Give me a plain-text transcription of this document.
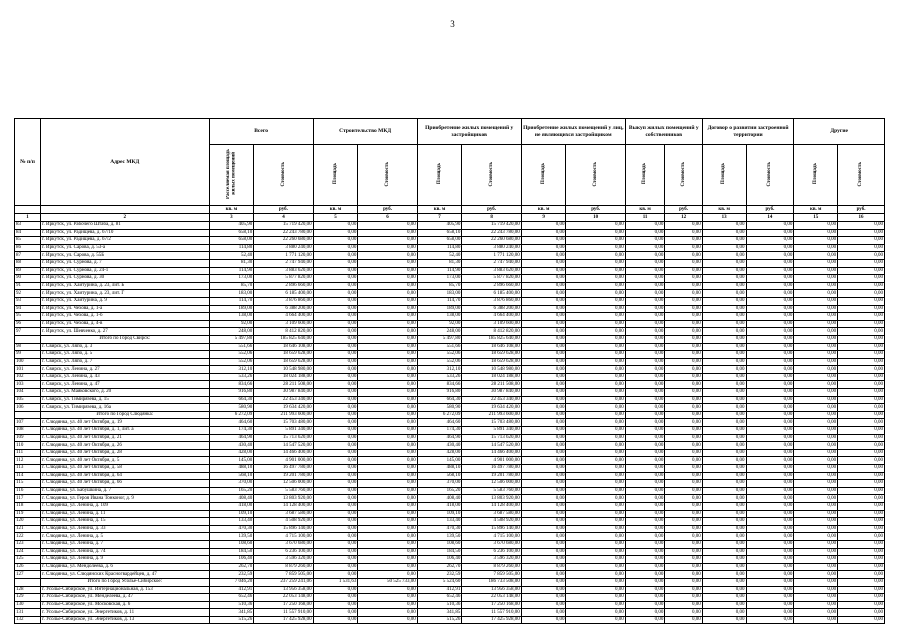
3
№ п/п	Адрес МКД	Всего		Строительство МКД		Приобретение жилых помещений у застройщиков		Приобретение жилых помещений у лиц, не являющихся застройщиком		Выкуп жилых помещений у собственников		Договор о развитии застроенной территории		Другие	
		Расселяемая площадь жилых помещений	Стоимость	Площадь	Стоимость	Площадь	Стоимость	Площадь	Стоимость	Площадь	Стоимость	Площадь	Стоимость	Площадь	Стоимость
		кв. м	руб.	кв. м	руб.	кв. м	руб.	кв. м	руб.	кв. м	руб.	кв. м	руб.	кв. м	руб.
1	2	3	4	5	6	7	8	9	10	11	12	13	14	15	16
83	г. Иркутск, ул. Рабочего Штаба, д. 81	405,90	15 719 420,00	0,00	0,00	405,90	15 719 420,00	0,00	0,00	0,00	0,00	0,00	0,00	0,00	0,00
84	г. Иркутск, ул. Радищева, д. 67/10	658,10	22 243 780,00	0,00	0,00	658,10	22 243 780,00	0,00	0,00	0,00	0,00	0,00	0,00	0,00	0,00
85	г. Иркутск, ул. Радищева, д. 67/2	658,00	22 260 680,00	0,00	0,00	658,00	22 260 680,00	0,00	0,00	0,00	0,00	0,00	0,00	0,00	0,00
86	г. Иркутск, ул. Сарова, д. 53-а	114,80	3 880 240,00	0,00	0,00	114,80	3 880 240,00	0,00	0,00	0,00	0,00	0,00	0,00	0,00	0,00
87	г. Иркутск, ул. Сарова, д. 55Б	52,40	1 771 120,00	0,00	0,00	52,40	1 771 120,00	0,00	0,00	0,00	0,00	0,00	0,00	0,00	0,00
88	г. Иркутск, ул. Сурнова, д. 7	81,30	2 747 940,00	0,00	0,00	81,30	2 747 940,00	0,00	0,00	0,00	0,00	0,00	0,00	0,00	0,00
89	г. Иркутск, ул. Сурнова, д. 24-1	114,90	3 883 620,00	0,00	0,00	114,90	3 883 620,00	0,00	0,00	0,00	0,00	0,00	0,00	0,00	0,00
90	г. Иркутск, ул. Сурнова, д. 30	173,00	5 877 820,00	0,00	0,00	173,00	5 877 820,00	0,00	0,00	0,00	0,00	0,00	0,00	0,00	0,00
91	г. Иркутск, ул. Хаитурина, д. 23, лит. Б	85,70	2 896 660,00	0,00	0,00	85,70	2 896 660,00	0,00	0,00	0,00	0,00	0,00	0,00	0,00	0,00
92	г. Иркутск, ул. Хаитурина, д. 23, лит. Г	183,00	6 185 400,00	0,00	0,00	183,00	6 185 400,00	0,00	0,00	0,00	0,00	0,00	0,00	0,00	0,00
93	г. Иркутск, ул. Хаитурина, д. 9	114,70	3 876 860,00	0,00	0,00	114,70	3 876 860,00	0,00	0,00	0,00	0,00	0,00	0,00	0,00	0,00
94	г. Иркутск, ул. Чехова, д. 1-а	189,00	6 388 200,00	0,00	0,00	189,00	6 388 200,00	0,00	0,00	0,00	0,00	0,00	0,00	0,00	0,00
95	г. Иркутск, ул. Чехова, д. 1-б	138,00	4 664 400,00	0,00	0,00	138,00	4 664 400,00	0,00	0,00	0,00	0,00	0,00	0,00	0,00	0,00
96	г. Иркутск, ул. Чехова, д. 4-в	92,00	3 109 600,00	0,00	0,00	92,00	3 109 600,00	0,00	0,00	0,00	0,00	0,00	0,00	0,00	0,00
97	г. Иркутск, ул. Шевченко, д. 27	248,00	8 412 820,00	0,00	0,00	248,00	8 412 820,00	0,00	0,00	0,00	0,00	0,00	0,00	0,00	0,00
	Итого по Город Свирск:	5 497,80	185 825 640,00	0,00	0,00	5 497,80	185 825 640,00	0,00	0,00	0,00	0,00	0,00	0,00	0,00	0,00
98	г. Свирск, ул. Ляпо, д. 3	551,66	18 646 108,00	0,00	0,00	551,66	18 646 108,00	0,00	0,00	0,00	0,00	0,00	0,00	0,00	0,00
99	г. Свирск, ул. Ляпо, д. 5	552,06	18 659 628,00	0,00	0,00	552,06	18 659 628,00	0,00	0,00	0,00	0,00	0,00	0,00	0,00	0,00
100	г. Свирск, ул. Ляпо, д. 7	552,06	18 659 628,00	0,00	0,00	552,06	18 659 628,00	0,00	0,00	0,00	0,00	0,00	0,00	0,00	0,00
101	г. Свирск, ул. Ленина, д. 27	312,10	10 548 980,00	0,00	0,00	312,10	10 548 980,00	0,00	0,00	0,00	0,00	0,00	0,00	0,00	0,00
102	г. Свирск, ул. Ленина, д. 43	533,26	18 024 188,00	0,00	0,00	533,26	18 024 188,00	0,00	0,00	0,00	0,00	0,00	0,00	0,00	0,00
103	г. Свирск, ул. Ленина, д. 47	834,66	28 211 508,00	0,00	0,00	834,66	28 211 508,00	0,00	0,00	0,00	0,00	0,00	0,00	0,00	0,00
104	г. Свирск, ул. Маяковского, д. 20	916,80	30 987 840,00	0,00	0,00	916,80	30 987 840,00	0,00	0,00	0,00	0,00	0,00	0,00	0,00	0,00
105	г. Свирск, ул. Тимирязева, д. 15	664,30	22 453 340,00	0,00	0,00	664,30	22 453 340,00	0,00	0,00	0,00	0,00	0,00	0,00	0,00	0,00
106	г. Свирск, ул. Тимирязева, д. 16а	580,90	19 634 420,00	0,00	0,00	580,90	19 634 420,00	0,00	0,00	0,00	0,00	0,00	0,00	0,00	0,00
	Итого по Город Слюдянка:	6 272,09	211 993 600,00	0,00	0,00	6 272,09	211 993 600,00	0,00	0,00	0,00	0,00	0,00	0,00	0,00	0,00
107	г. Слюдянка, ул. 40 лет Октября, д. 19	464,60	15 703 480,00	0,00	0,00	464,60	15 703 480,00	0,00	0,00	0,00	0,00	0,00	0,00	0,00	0,00
108	г. Слюдянка, ул. 40 лет Октября, д. 1, лит. а	174,30	5 891 340,00	0,00	0,00	174,30	5 891 340,00	0,00	0,00	0,00	0,00	0,00	0,00	0,00	0,00
109	г. Слюдянка, ул. 40 лет Октября, д. 21	464,90	15 713 620,00	0,00	0,00	464,90	15 713 620,00	0,00	0,00	0,00	0,00	0,00	0,00	0,00	0,00
110	г. Слюдянка, ул. 40 лет Октября, д. 26	430,40	14 547 520,00	0,00	0,00	430,40	14 547 520,00	0,00	0,00	0,00	0,00	0,00	0,00	0,00	0,00
111	г. Слюдянка, ул. 40 лет Октября, д. 28	428,00	14 466 400,00	0,00	0,00	428,00	14 466 400,00	0,00	0,00	0,00	0,00	0,00	0,00	0,00	0,00
112	г. Слюдянка, ул. 40 лет Октября, д. 5	145,00	4 901 000,00	0,00	0,00	145,00	4 901 000,00	0,00	0,00	0,00	0,00	0,00	0,00	0,00	0,00
113	г. Слюдянка, ул. 40 лет Октября, д. 58	488,10	16 497 780,00	0,00	0,00	488,10	16 497 780,00	0,00	0,00	0,00	0,00	0,00	0,00	0,00	0,00
114	г. Слюдянка, ул. 40 лет Октября, д. 64	568,10	19 201 780,00	0,00	0,00	568,10	19 201 780,00	0,00	0,00	0,00	0,00	0,00	0,00	0,00	0,00
115	г. Слюдянка, ул. 40 лет Октября, д. 66	370,00	12 506 000,00	0,00	0,00	370,00	12 506 000,00	0,00	0,00	0,00	0,00	0,00	0,00	0,00	0,00
116	г. Слюдянка, ул. Бабушкина, д. 7	165,20	5 583 760,00	0,00	0,00	165,20	5 583 760,00	0,00	0,00	0,00	0,00	0,00	0,00	0,00	0,00
117	г. Слюдянка, ул. Героя Ивана Тонконог, д. 9	408,40	13 803 920,00	0,00	0,00	408,40	13 803 920,00	0,00	0,00	0,00	0,00	0,00	0,00	0,00	0,00
118	г. Слюдянка, ул. Ленина, д. 109	418,00	14 128 400,00	0,00	0,00	418,00	14 128 400,00	0,00	0,00	0,00	0,00	0,00	0,00	0,00	0,00
119	г. Слюдянка, ул. Ленина, д. 11	109,10	3 687 580,00	0,00	0,00	109,10	3 687 580,00	0,00	0,00	0,00	0,00	0,00	0,00	0,00	0,00
120	г. Слюдянка, ул. Ленина, д. 15	133,40	4 508 920,00	0,00	0,00	133,40	4 508 920,00	0,00	0,00	0,00	0,00	0,00	0,00	0,00	0,00
121	г. Слюдянка, ул. Ленина, д. 33	470,30	15 896 140,00	0,00	0,00	470,30	15 896 140,00	0,00	0,00	0,00	0,00	0,00	0,00	0,00	0,00
122	г. Слюдянка, ул. Ленина, д. 5	139,50	4 715 100,00	0,00	0,00	139,50	4 715 100,00	0,00	0,00	0,00	0,00	0,00	0,00	0,00	0,00
123	г. Слюдянка, ул. Ленина, д. 7	108,60	3 670 680,00	0,00	0,00	108,60	3 670 680,00	0,00	0,00	0,00	0,00	0,00	0,00	0,00	0,00
124	г. Слюдянка, ул. Ленина, д. 74	184,50	6 236 100,00	0,00	0,00	184,50	6 236 100,00	0,00	0,00	0,00	0,00	0,00	0,00	0,00	0,00
125	г. Слюдянка, ул. Ленина, д. 9	106,40	3 596 320,00	0,00	0,00	106,40	3 596 320,00	0,00	0,00	0,00	0,00	0,00	0,00	0,00	0,00
126	г. Слюдянка, ул. Мендолеева, д. 6	262,70	8 879 260,00	0,00	0,00	262,70	8 879 260,00	0,00	0,00	0,00	0,00	0,00	0,00	0,00	0,00
127	г. Слюдянка, ул. Слюдянских Красногвардейцев, д. 47	232,59	7 859 505,00	0,00	0,00	232,59	7 859 505,00	0,00	0,00	0,00	0,00	0,00	0,00	0,00	0,00
	Итого по Город Усолье-Сибирское:	7 046,20	237 259 241,06	1 531,63	50 525 733,00	5 524,60	186 733 508,00	0,00	0,00	0,00	0,00	0,00	0,00	0,00	0,00
128	г. Усолье-Сибирское, ул. Интернациональная, д. 153	412,91	13 956 358,00	0,00	0,00	412,91	13 956 358,00	0,00	0,00	0,00	0,00	0,00	0,00	0,00	0,00
129	г. Усолье-Сибирское, ул. Менделеева, д. 47	652,46	22 053 148,00	0,00	0,00	652,46	22 053 148,00	0,00	0,00	0,00	0,00	0,00	0,00	0,00	0,00
130	г. Усолье-Сибирское, ул. Московская, д. 6	510,36	17 250 168,00	0,00	0,00	510,36	17 250 168,00	0,00	0,00	0,00	0,00	0,00	0,00	0,00	0,00
131	г. Усолье-Сибирское, ул. Энергетиков, д. 11	341,85	11 557 910,00	0,00	0,00	341,85	11 557 910,00	0,00	0,00	0,00	0,00	0,00	0,00	0,00	0,00
132	г. Усолье-Сибирское, ул. Энергетиков, д. 13	515,26	17 425 928,00	0,00	0,00	515,26	17 425 928,00	0,00	0,00	0,00	0,00	0,00	0,00	0,00	0,00
